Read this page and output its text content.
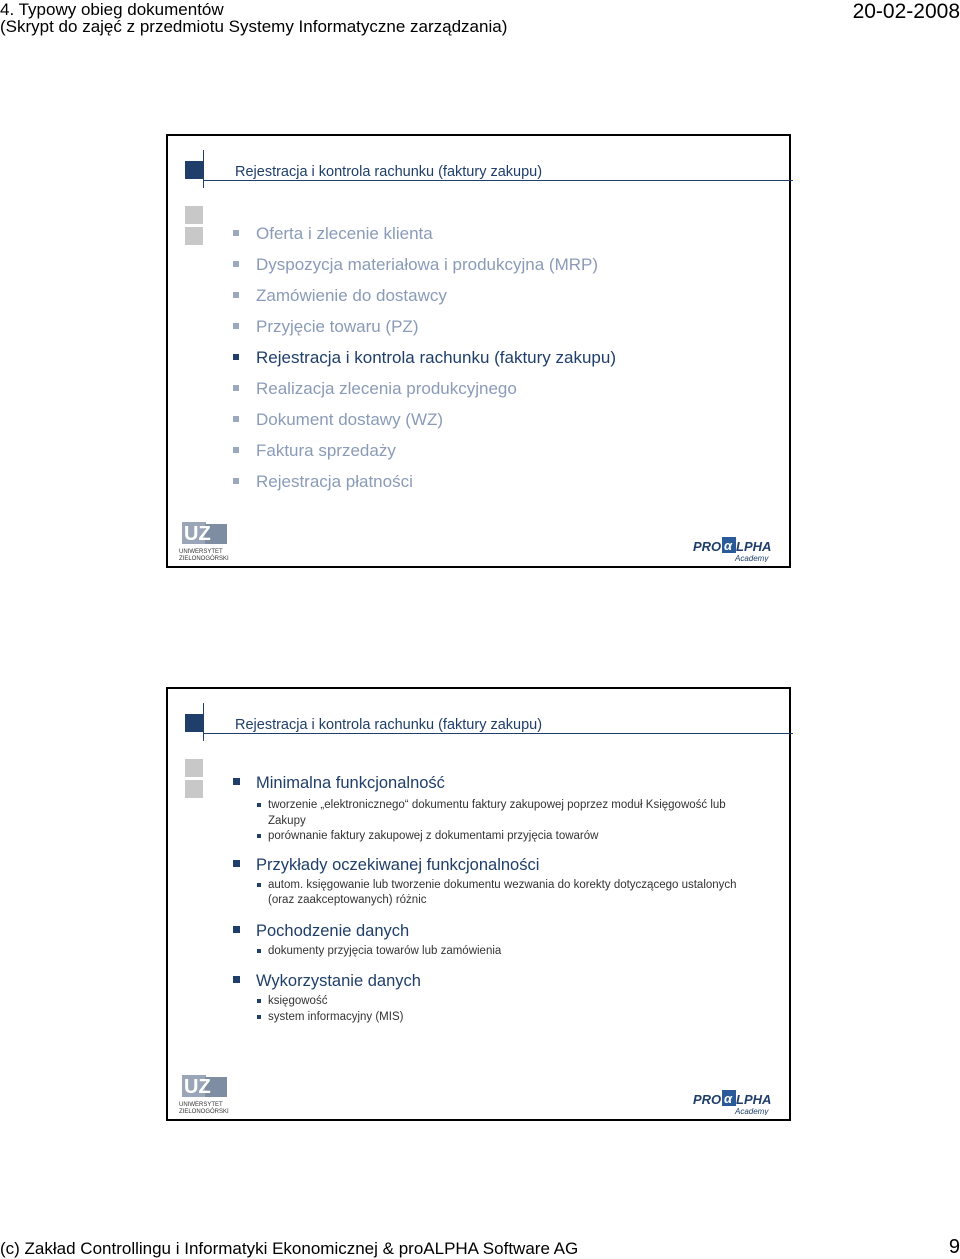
4. Typowy obieg dokumentów
(Skrypt do zajęć z przedmiotu Systemy Informatyczne zarządzania)
20-02-2008
Rejestracja i kontrola rachunku (faktury zakupu)
Oferta i zlecenie klienta
Dyspozycja materiałowa i produkcyjna (MRP)
Zamówienie do dostawcy
Przyjęcie towaru (PZ)
Rejestracja i kontrola rachunku (faktury zakupu)
Realizacja zlecenia produkcyjnego
Dokument dostawy (WZ)
Faktura sprzedaży
Rejestracja płatności
UZ
UNIWERSYTET
ZIELONOGÓRSKI
PRO α LPHA
Academy
Rejestracja i kontrola rachunku (faktury zakupu)
Minimalna funkcjonalność
tworzenie „elektronicznego“ dokumentu faktury zakupowej poprzez moduł Księgowość lub Zakupy
porównanie faktury zakupowej z dokumentami przyjęcia towarów
Przykłady oczekiwanej funkcjonalności
autom. księgowanie lub tworzenie dokumentu wezwania do korekty dotyczącego ustalonych (oraz zaakceptowanych) różnic
Pochodzenie danych
dokumenty przyjęcia towarów lub zamówienia
Wykorzystanie danych
księgowość
system informacyjny (MIS)
UZ
UNIWERSYTET
ZIELONOGÓRSKI
PRO α LPHA
Academy
(c) Zakład Controllingu i Informatyki Ekonomicznej & proALPHA Software AG	9
